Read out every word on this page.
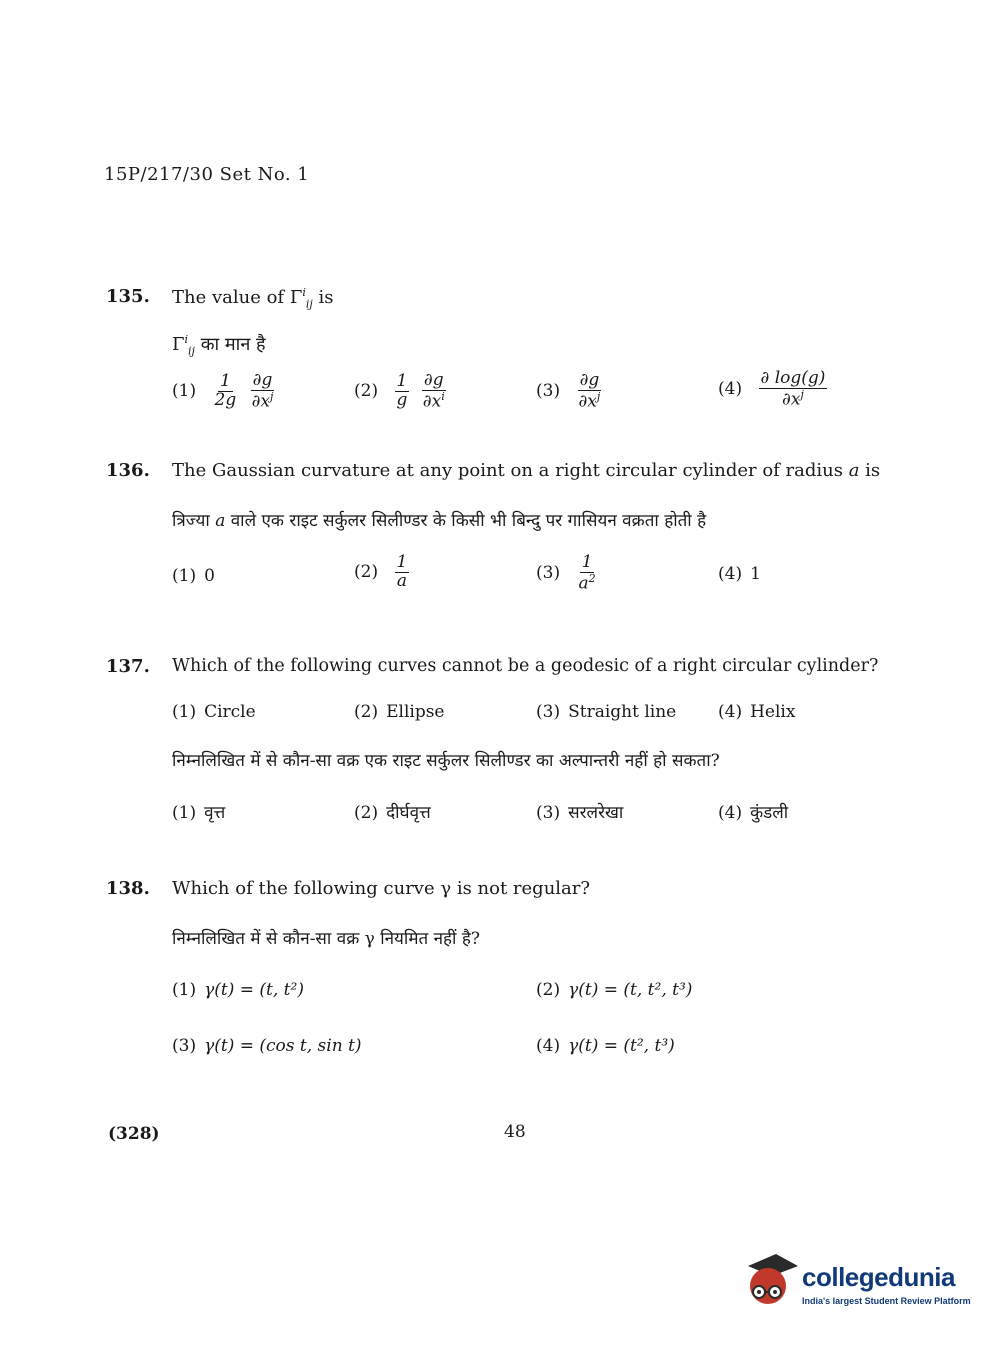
15P/217/30 Set No. 1
135. The value of $\Gamma^i_{ij}$ is
$\Gamma^i_{ij}$ का मान है
$(1) \frac{1}{2g}$
$\frac{\partial g}{\partial x^j}$	$(2) \frac{1}{g}$
$\frac{\partial g}{\partial x^i}$	$(3) \frac{\partial g}{\partial x^j}$	$(4) \frac{\partial \log(g)}{\partial x^j}$
136. The Gaussian curvature at any point on a right circular cylinder of radius a is
त्रिज्या a वाले एक राइट सर्कुलर सिलीण्डर के किसी भी बिन्दु पर गासियन वक्रता होती है
(1) 0	$(2) \frac{1}{a}$	$(3) \frac{1}{a^2}$	(4) 1
137. Which of the following curves cannot be a geodesic of a right circular cylinder?
(1) Circle	(2) Ellipse	(3) Straight line (4) Helix
निम्नलिखित में से कौन-सा वक्र एक राइट सर्कुलर सिलीण्डर का अल्पान्तरी नहीं हो सकता?
(1) वृत्त	(2) दीर्घवृत्त	(3) सरलरेखा	(4) कुंडली
138. Which of the following curve γ is not regular?
निम्नलिखित में से कौन-सा वक्र γ नियमित नहीं है?
(1) γ(t) = (t, t²)	(2) γ(t) = (t, t², t³)
(3) γ(t) = (cos t, sin t)	(4) γ(t) = (t², t³)
(328)	48
collegedunia
India's largest Student Review Platform
